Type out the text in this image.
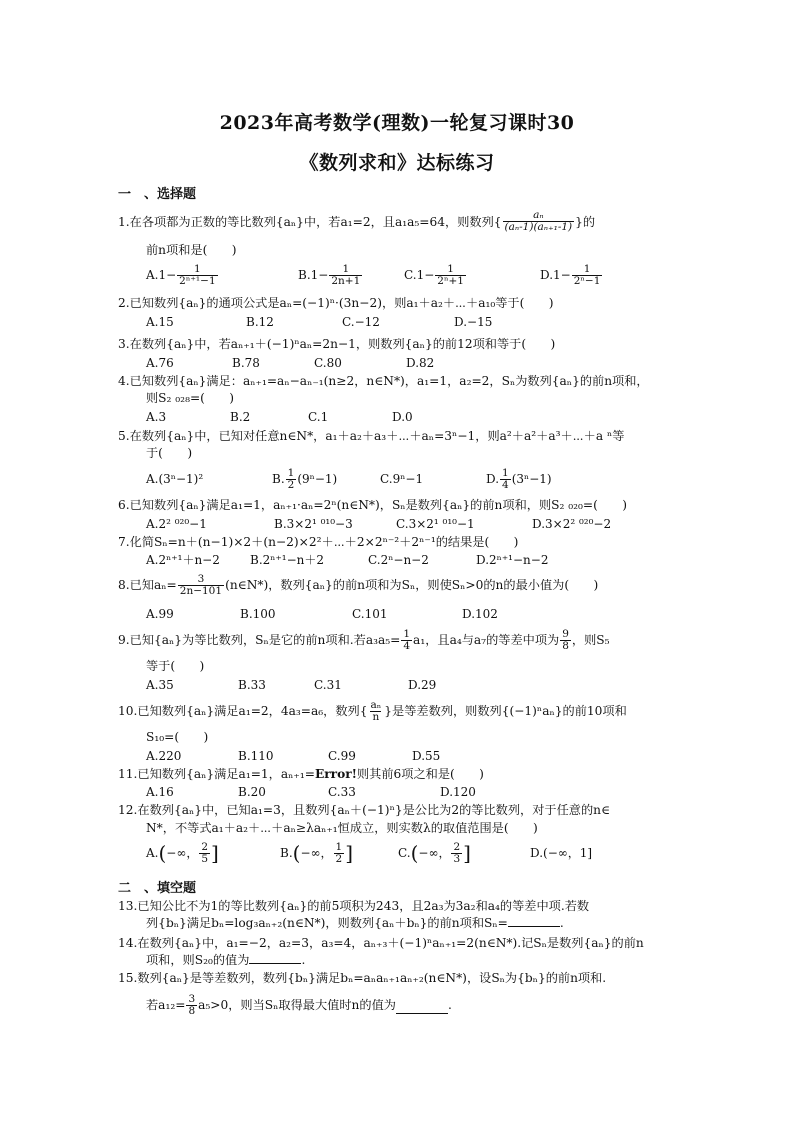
2023年高考数学(理数)一轮复习课时30
《数列求和》达标练习
一　、选择题
1.在各项都为正数的等比数列{aₙ}中，若a₁=2，且a₁a₅=64，则数列{ $\frac{\text{aₙ}}{\text{(aₙ-1)(aₙ₊₁-1)}}$ }的
前n项和是(　　)
$A.1- \frac{1}{\text{2ⁿ⁺¹−1}}$	$B.1- \frac{1}{2n+1}$	$C.1- \frac{1}{\text{2ⁿ+1}}$	$D.1- \frac{1}{\text{2ⁿ−1}}$
2.已知数列{aₙ}的通项公式是aₙ=(−1)ⁿ·(3n−2)，则a₁＋a₂＋⋯＋a₁₀等于(　　)
A.15	B.12	C.−12	D.−15
3.在数列{aₙ}中，若aₙ₊₁＋(−1)ⁿaₙ=2n−1，则数列{aₙ}的前12项和等于(　　)
A.76	B.78	C.80	D.82
4.已知数列{aₙ}满足：aₙ₊₁=aₙ−aₙ₋₁(n≥2，n∈N*)，a₁=1，a₂=2，Sₙ为数列{aₙ}的前n项和，
则S₂ ₀₂₈=(　　)
A.3	B.2	C.1	D.0
5.在数列{aₙ}中，已知对任意n∈N*，a₁＋a₂＋a₃＋⋯＋aₙ=3ⁿ−1，则a²＋a²＋a³＋⋯＋a ⁿ等
于(　　)
A.(3ⁿ−1)²	B. $\frac{1}{2} (9^n-1)$	C.9ⁿ−1	D. $\frac{1}{4} (3^n-1)$
6.已知数列{aₙ}满足a₁=1，aₙ₊₁·aₙ=2ⁿ(n∈N*)，Sₙ是数列{aₙ}的前n项和，则S₂ ₀₂₀=(　　)
A.2² ⁰²⁰−1	B.3×2¹ ⁰¹⁰−3	C.3×2¹ ⁰¹⁰−1	D.3×2² ⁰²⁰−2
7.化简Sₙ=n＋(n−1)×2＋(n−2)×2²＋⋯＋2×2ⁿ⁻²＋2ⁿ⁻¹的结果是(　　)
A.2ⁿ⁺¹＋n−2	B.2ⁿ⁺¹−n＋2	C.2ⁿ−n−2	D.2ⁿ⁺¹−n−2
8.已知$a_n= \frac{3}{2n-101}$ (n∈N*)，数列{aₙ}的前n项和为Sₙ，则使Sₙ>0的n的最小值为(　　)
A.99	B.100	C.101	D.102
9.已知{aₙ}为等比数列，Sₙ是它的前n项和.若$a_3a_5= \frac{1}{4} a_1$，且a₄与a₇的等差中项为 $\frac{9}{8}$ ，则S₅
等于(　　)
A.35	B.33	C.31	D.29
10.已知数列{aₙ}满足a₁=2，4a₃=a₆，数列{ $\frac{\text{aₙ}}{n}$ }是等差数列，则数列{(−1)ⁿaₙ}的前10项和
S₁₀=(　　)
A.220	B.110	C.99	D.55
11.已知数列{aₙ}满足a₁=1，aₙ₊₁=Error!则其前6项之和是(　　)
A.16	B.20	C.33	D.120
12.在数列{aₙ}中，已知a₁=3，且数列{aₙ＋(−1)ⁿ}是公比为2的等比数列，对于任意的n∈
N*，不等式a₁＋a₂＋⋯＋aₙ≥λaₙ₊₁恒成立，则实数λ的取值范围是(　　)
A. ( −∞， $\frac{2}{5}$ ]	B. ( −∞， $\frac{1}{2}$ ]	C. ( −∞， $\frac{2}{3}$ ]	D.(−∞，1]
二　、填空题
13.已知公比不为1的等比数列{aₙ}的前5项积为243，且2a₃为3a₂和a₄的等差中项.若数
列{bₙ}满足bₙ=log₃aₙ₊₂(n∈N*)，则数列{aₙ＋bₙ}的前n项和Sₙ=	.
14.在数列{aₙ}中，a₁=−2，a₂=3，a₃=4，aₙ₊₃＋(−1)ⁿaₙ₊₁=2(n∈N*).记Sₙ是数列{aₙ}的前n
项和，则S₂₀的值为	.
15.数列{aₙ}是等差数列，数列{bₙ}满足bₙ=aₙaₙ₊₁aₙ₊₂(n∈N*)，设Sₙ为{bₙ}的前n项和.
若$a_{12}= \frac{3}{8} a_5>0$，则当Sₙ取得最大值时n的值为	.
